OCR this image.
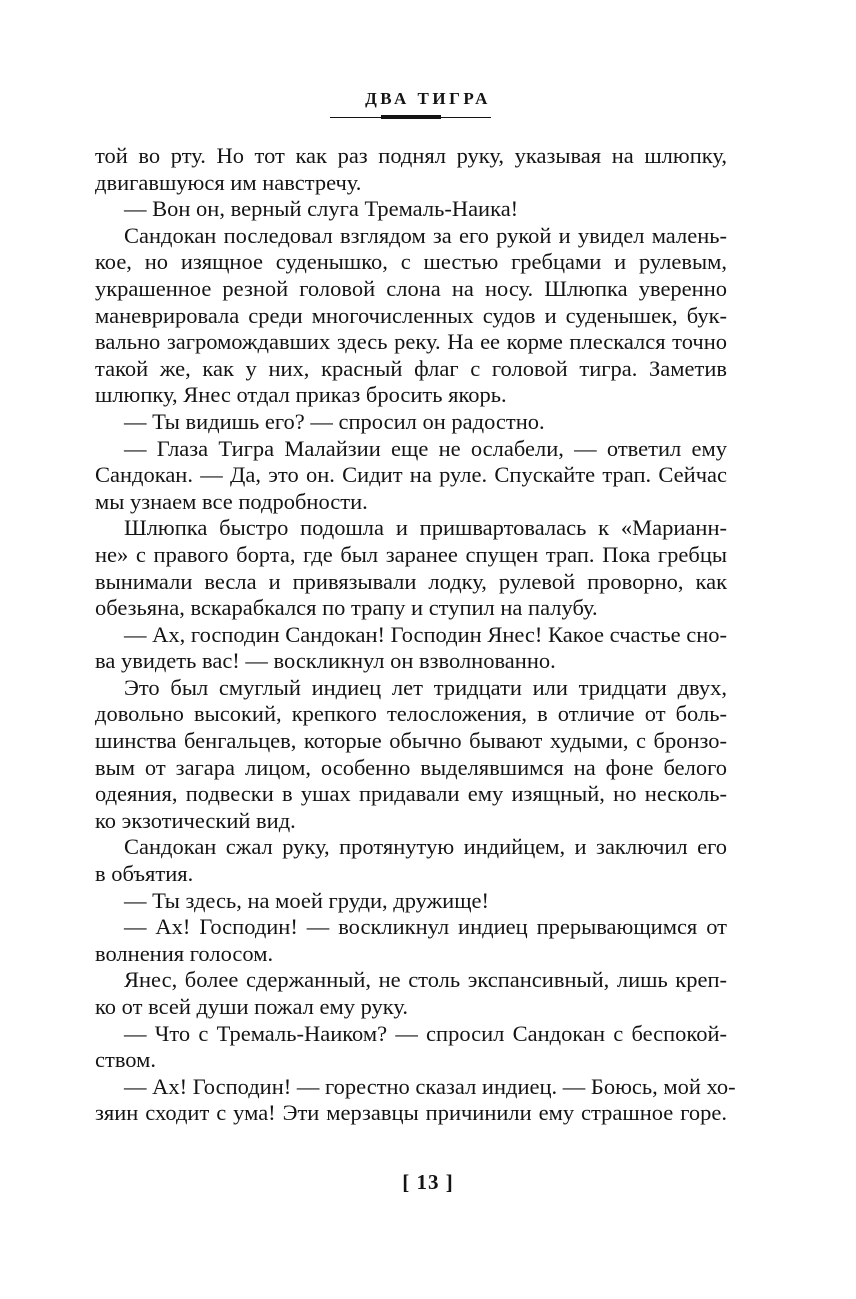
ДВА ТИГРА
той во рту. Но тот как раз поднял руку, указывая на шлюпку,
двигавшуюся им навстречу.
— Вон он, верный слуга Тремаль-Наика!
Сандокан последовал взглядом за его рукой и увидел малень-
кое, но изящное суденышко, с шестью гребцами и рулевым,
украшенное резной головой слона на носу. Шлюпка уверенно
маневрировала среди многочисленных судов и суденышек, бук-
вально загромождавших здесь реку. На ее корме плескался точно
такой же, как у них, красный флаг с головой тигра. Заметив
шлюпку, Янес отдал приказ бросить якорь.
— Ты видишь его? — спросил он радостно.
— Глаза Тигра Малайзии еще не ослабели, — ответил ему
Сандокан. — Да, это он. Сидит на руле. Спускайте трап. Сейчас
мы узнаем все подробности.
Шлюпка быстро подошла и пришвартовалась к «Марианн-
не» с правого борта, где был заранее спущен трап. Пока гребцы
вынимали весла и привязывали лодку, рулевой проворно, как
обезьяна, вскарабкался по трапу и ступил на палубу.
— Ах, господин Сандокан! Господин Янес! Какое счастье сно-
ва увидеть вас! — воскликнул он взволнованно.
Это был смуглый индиец лет тридцати или тридцати двух,
довольно высокий, крепкого телосложения, в отличие от боль-
шинства бенгальцев, которые обычно бывают худыми, с бронзо-
вым от загара лицом, особенно выделявшимся на фоне белого
одеяния, подвески в ушах придавали ему изящный, но несколь-
ко экзотический вид.
Сандокан сжал руку, протянутую индийцем, и заключил его
в объятия.
— Ты здесь, на моей груди, дружище!
— Ах! Господин! — воскликнул индиец прерывающимся от
волнения голосом.
Янес, более сдержанный, не столь экспансивный, лишь креп-
ко от всей души пожал ему руку.
— Что с Тремаль-Наиком? — спросил Сандокан с беспокой-
ством.
— Ах! Господин! — горестно сказал индиец. — Боюсь, мой хо-
зяин сходит с ума! Эти мерзавцы причинили ему страшное горе.
[ 13 ]
